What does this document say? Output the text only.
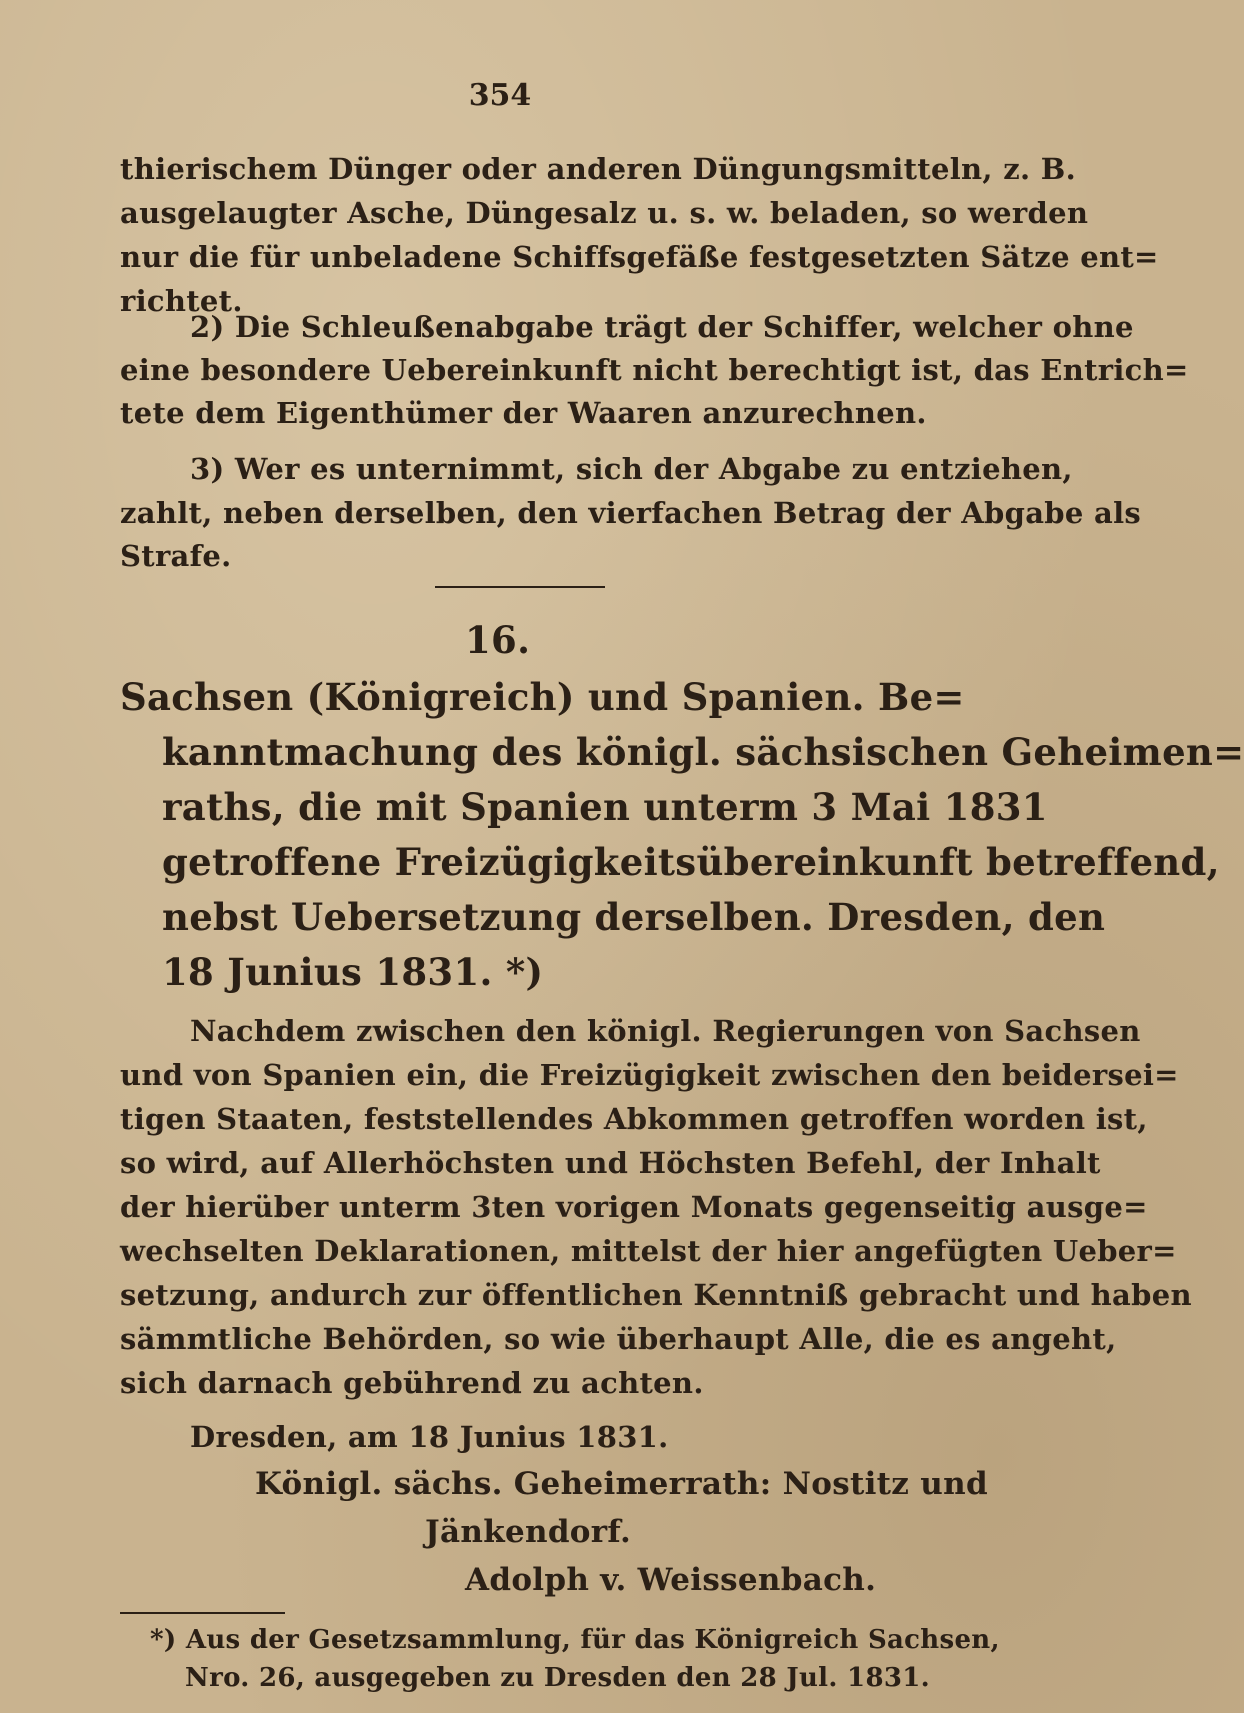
354
thierischem Dünger oder anderen Düngungsmitteln, z. B.
ausgelaugter Asche, Düngesalz u. s. w. beladen, so werden
nur die für unbeladene Schiffsgefäße festgesetzten Sätze ent=
richtet.
2) Die Schleußenabgabe trägt der Schiffer, welcher ohne
eine besondere Uebereinkunft nicht berechtigt ist, das Entrich=
tete dem Eigenthümer der Waaren anzurechnen.
3) Wer es unternimmt, sich der Abgabe zu entziehen,
zahlt, neben derselben, den vierfachen Betrag der Abgabe als
Strafe.
16.
Sachsen (Königreich) und Spanien. Be=
kanntmachung des königl. sächsischen Geheimen=
raths, die mit Spanien unterm 3 Mai 1831
getroffene Freizügigkeitsübereinkunft betreffend,
nebst Uebersetzung derselben. Dresden, den
18 Junius 1831. *)
Nachdem zwischen den königl. Regierungen von Sachsen
und von Spanien ein, die Freizügigkeit zwischen den beidersei=
tigen Staaten, feststellendes Abkommen getroffen worden ist,
so wird, auf Allerhöchsten und Höchsten Befehl, der Inhalt
der hierüber unterm 3ten vorigen Monats gegenseitig ausge=
wechselten Deklarationen, mittelst der hier angefügten Ueber=
setzung, andurch zur öffentlichen Kenntniß gebracht und haben
sämmtliche Behörden, so wie überhaupt Alle, die es angeht,
sich darnach gebührend zu achten.
Dresden, am 18 Junius 1831.
Königl. sächs. Geheimerrath: Nostitz und
Jänkendorf.
Adolph v. Weissenbach.
*) Aus der Gesetzsammlung, für das Königreich Sachsen,
Nro. 26, ausgegeben zu Dresden den 28 Jul. 1831.
